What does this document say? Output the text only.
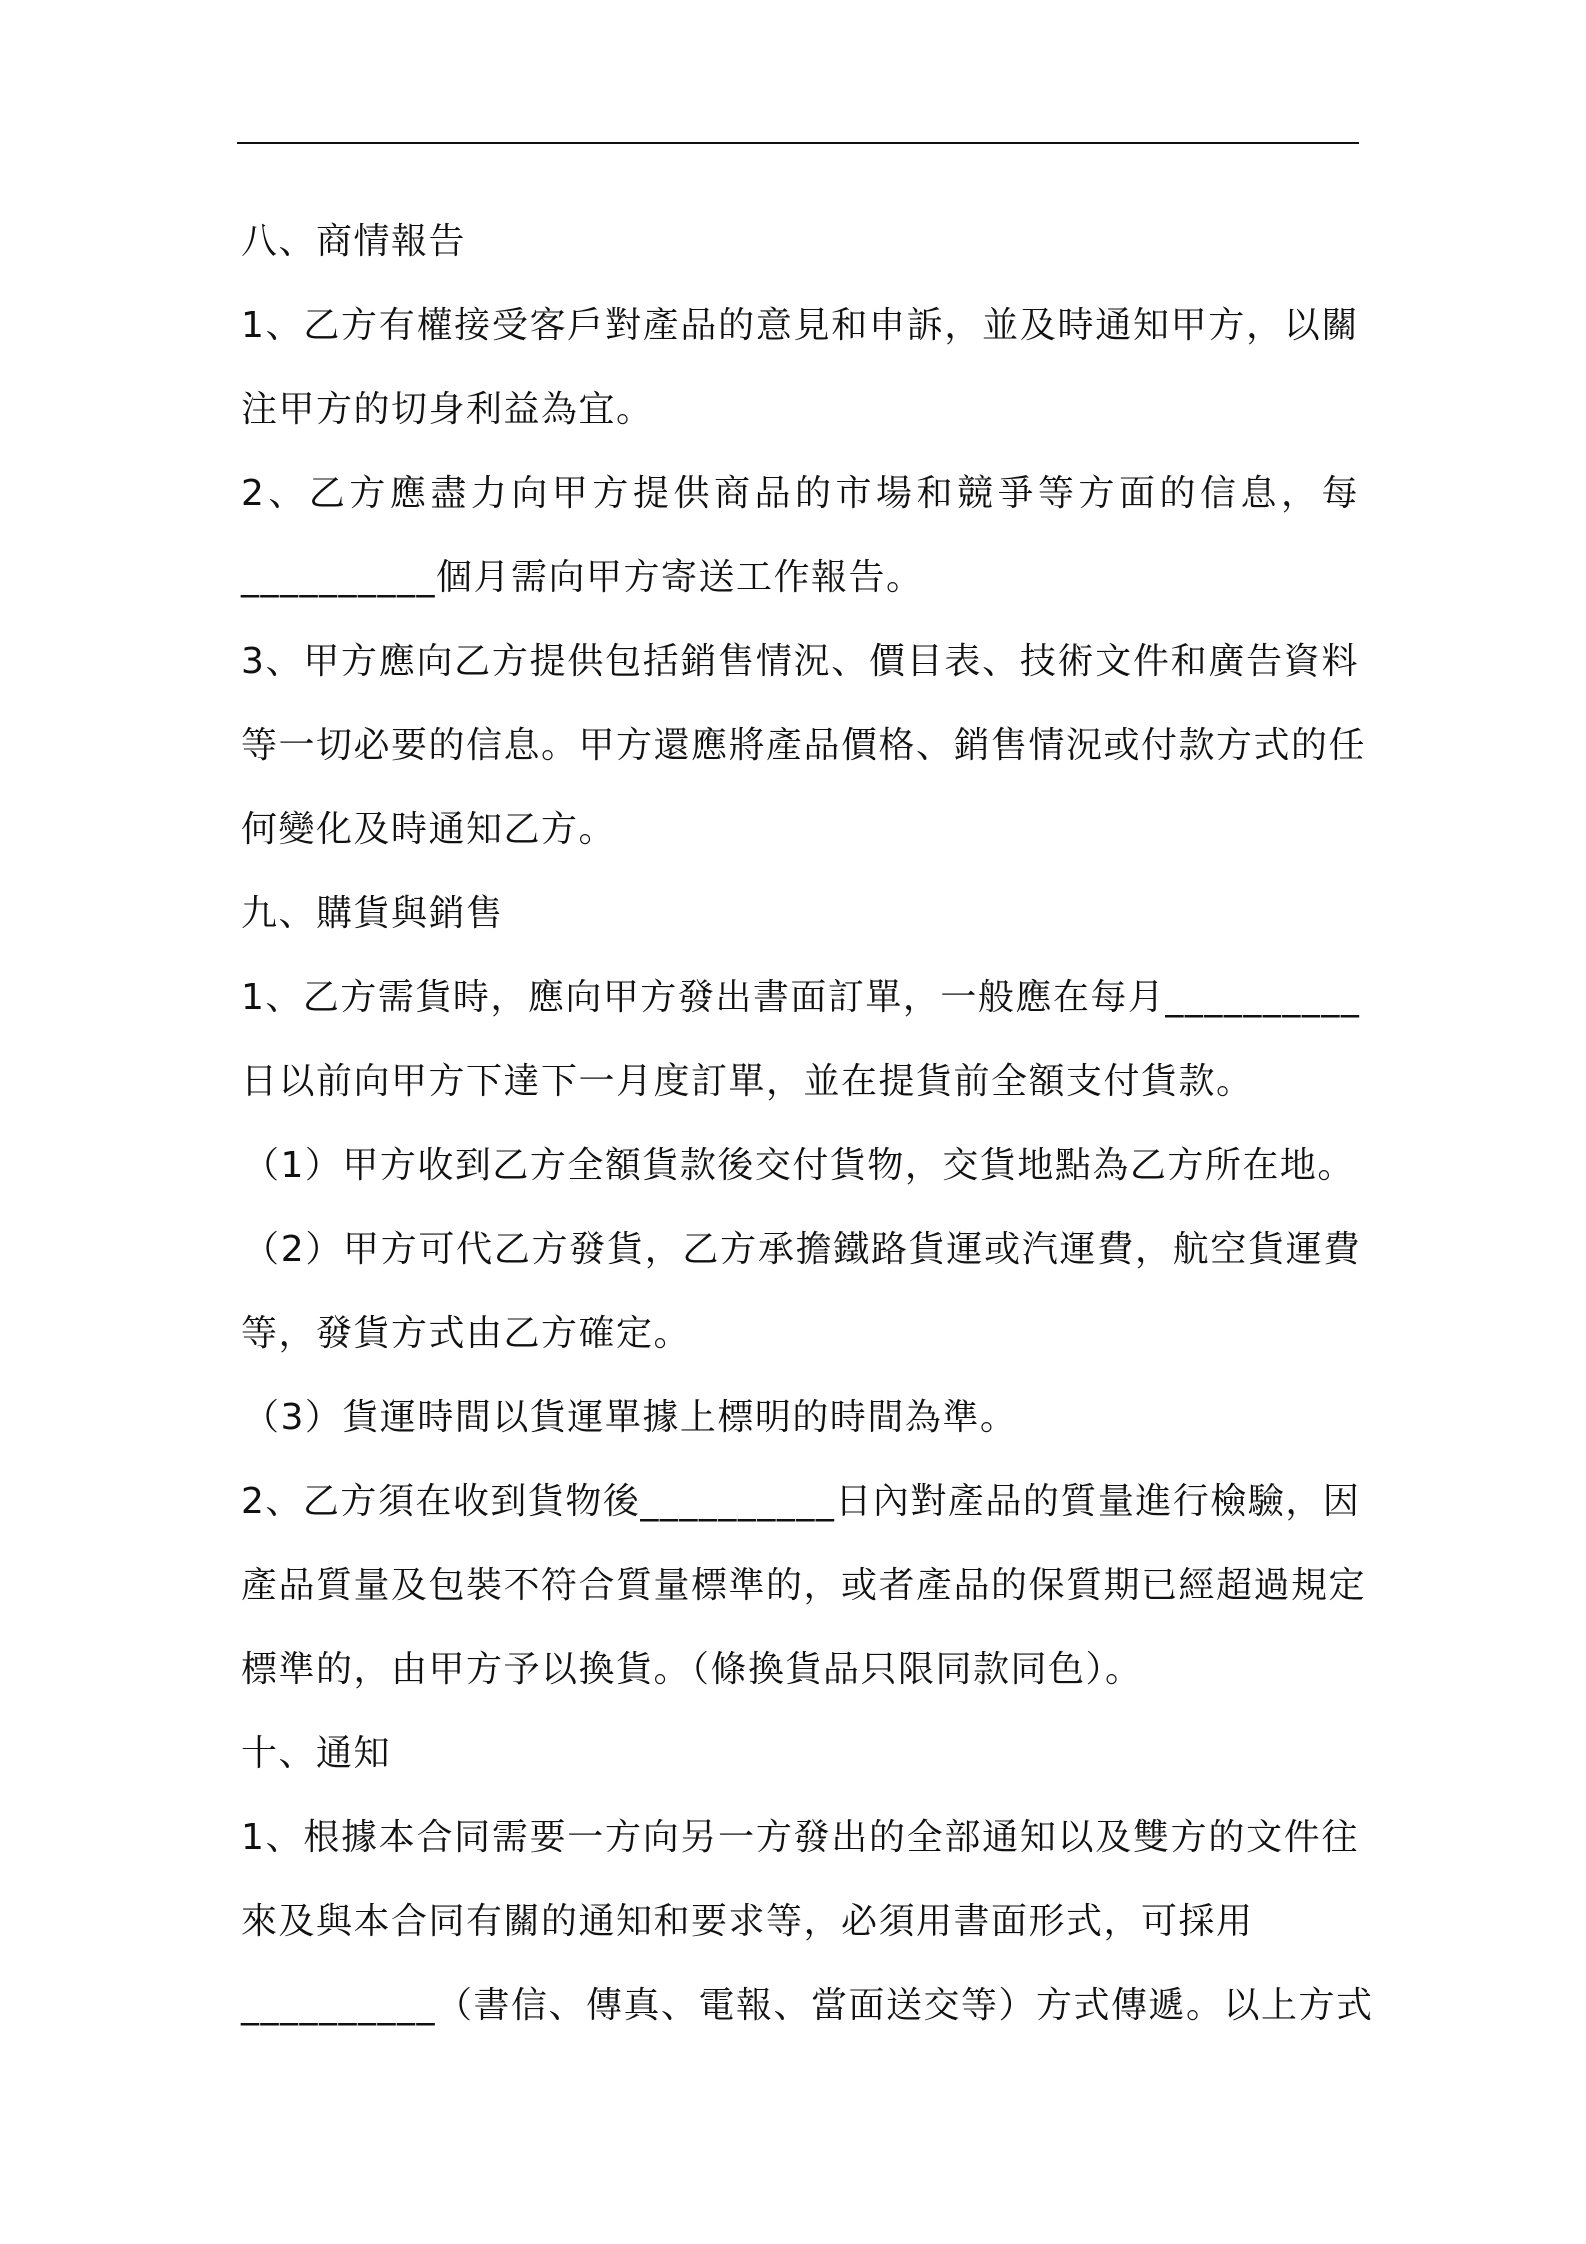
八、商情報告
1、乙方有權接受客戶對產品的意見和申訴，並及時通知甲方，以關
注甲方的切身利益為宜。
2、乙方應盡力向甲方提供商品的市場和競爭等方面的信息，每
__________個月需向甲方寄送工作報告。
3、甲方應向乙方提供包括銷售情況、價目表、技術文件和廣告資料
等一切必要的信息。甲方還應將產品價格、銷售情況或付款方式的任
何變化及時通知乙方。
九、購貨與銷售
1、乙方需貨時，應向甲方發出書面訂單，一般應在每月__________
日以前向甲方下達下一月度訂單，並在提貨前全額支付貨款。
（1）甲方收到乙方全額貨款後交付貨物，交貨地點為乙方所在地。
（2）甲方可代乙方發貨，乙方承擔鐵路貨運或汽運費，航空貨運費
等，發貨方式由乙方確定。
（3）貨運時間以貨運單據上標明的時間為準。
2、乙方須在收到貨物後__________日內對產品的質量進行檢驗，因
產品質量及包裝不符合質量標準的，或者產品的保質期已經超過規定
標準的，由甲方予以換貨。（條換貨品只限同款同色）。
十、通知
1、根據本合同需要一方向另一方發出的全部通知以及雙方的文件往
來及與本合同有關的通知和要求等，必須用書面形式，可採用
__________（書信、傳真、電報、當面送交等）方式傳遞。以上方式
